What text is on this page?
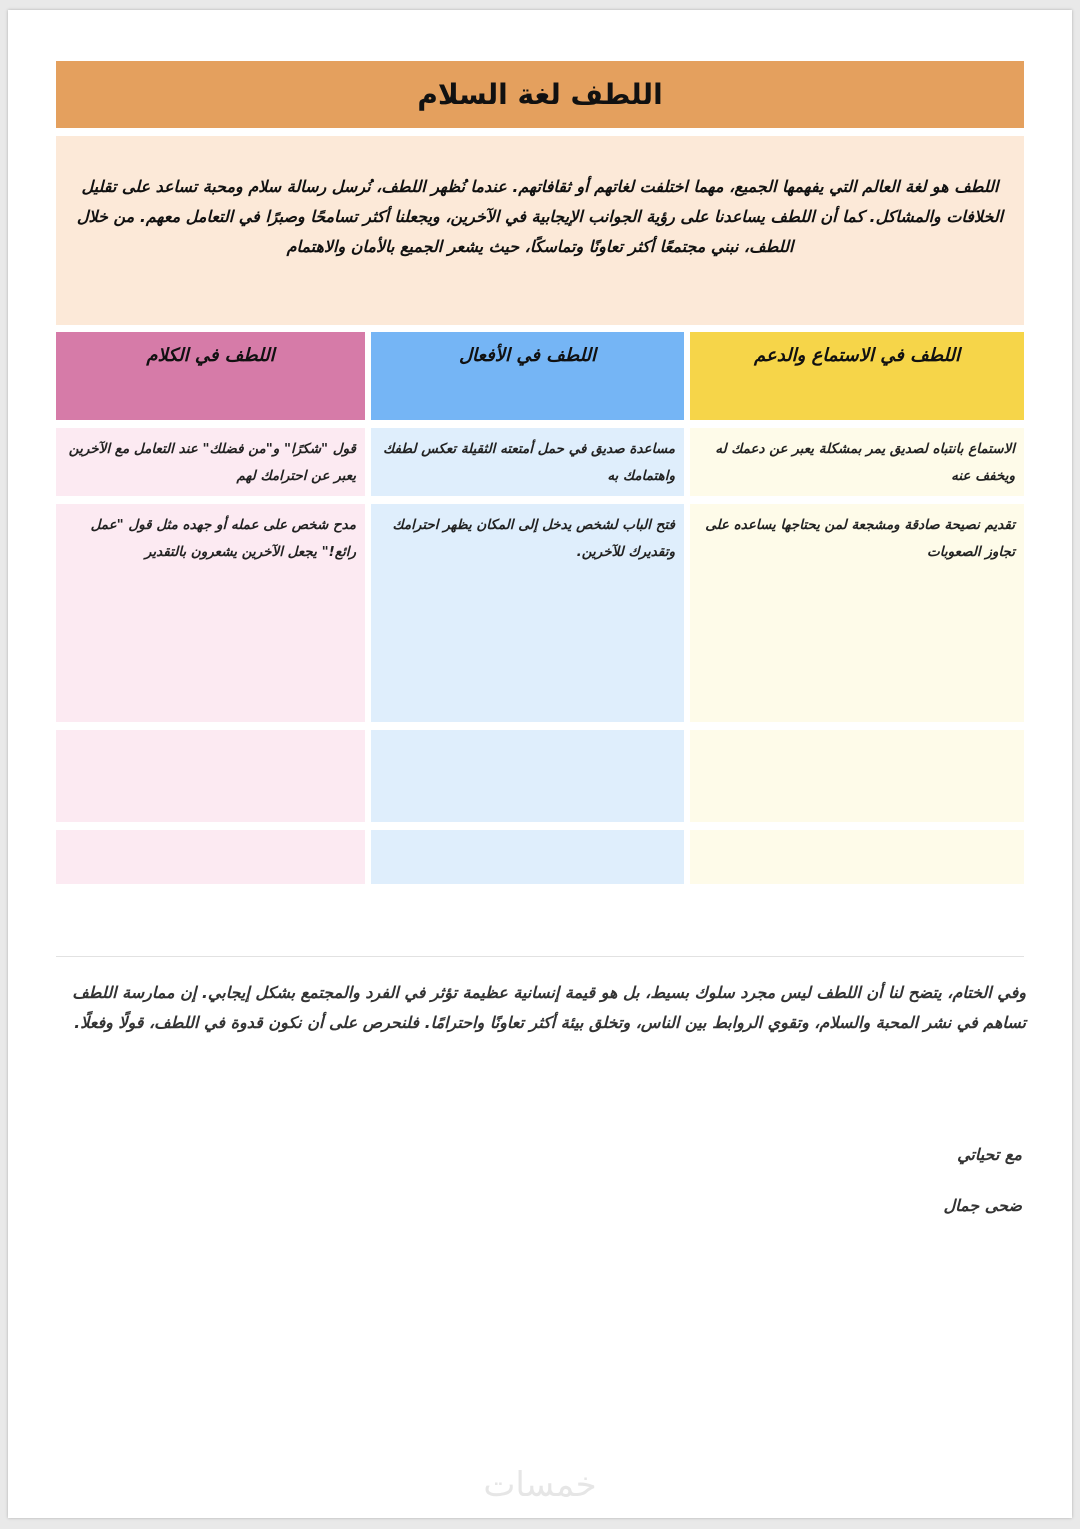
اللطف لغة السلام
اللطف هو لغة العالم التي يفهمها الجميع، مهما اختلفت لغاتهم أو ثقافاتهم. عندما نُظهر اللطف، نُرسل رسالة سلام ومحبة تساعد على تقليل الخلافات والمشاكل. كما أن اللطف يساعدنا على رؤية الجوانب الإيجابية في الآخرين، ويجعلنا أكثر تسامحًا وصبرًا في التعامل معهم. من خلال اللطف، نبني مجتمعًا أكثر تعاونًا وتماسكًا، حيث يشعر الجميع بالأمان والاهتمام
اللطف في الاستماع والدعم
اللطف في الأفعال
اللطف في الكلام
الاستماع بانتباه لصديق يمر بمشكلة يعبر عن دعمك له ويخفف عنه
مساعدة صديق في حمل أمتعته الثقيلة تعكس لطفك واهتمامك به
قول "شكرًا" و"من فضلك" عند التعامل مع الآخرين يعبر عن احترامك لهم
تقديم نصيحة صادقة ومشجعة لمن يحتاجها يساعده على تجاوز الصعوبات
فتح الباب لشخص يدخل إلى المكان يظهر احترامك وتقديرك للآخرين.
مدح شخص على عمله أو جهده مثل قول "عمل رائع!" يجعل الآخرين يشعرون بالتقدير
وفي الختام، يتضح لنا أن اللطف ليس مجرد سلوك بسيط، بل هو قيمة إنسانية عظيمة تؤثر في الفرد والمجتمع بشكل إيجابي. إن ممارسة اللطف تساهم في نشر المحبة والسلام، وتقوي الروابط بين الناس، وتخلق بيئة أكثر تعاونًا واحترامًا. فلنحرص على أن نكون قدوة في اللطف، قولًا وفعلًا.
مع تحياتي
ضحى جمال
خمسات
